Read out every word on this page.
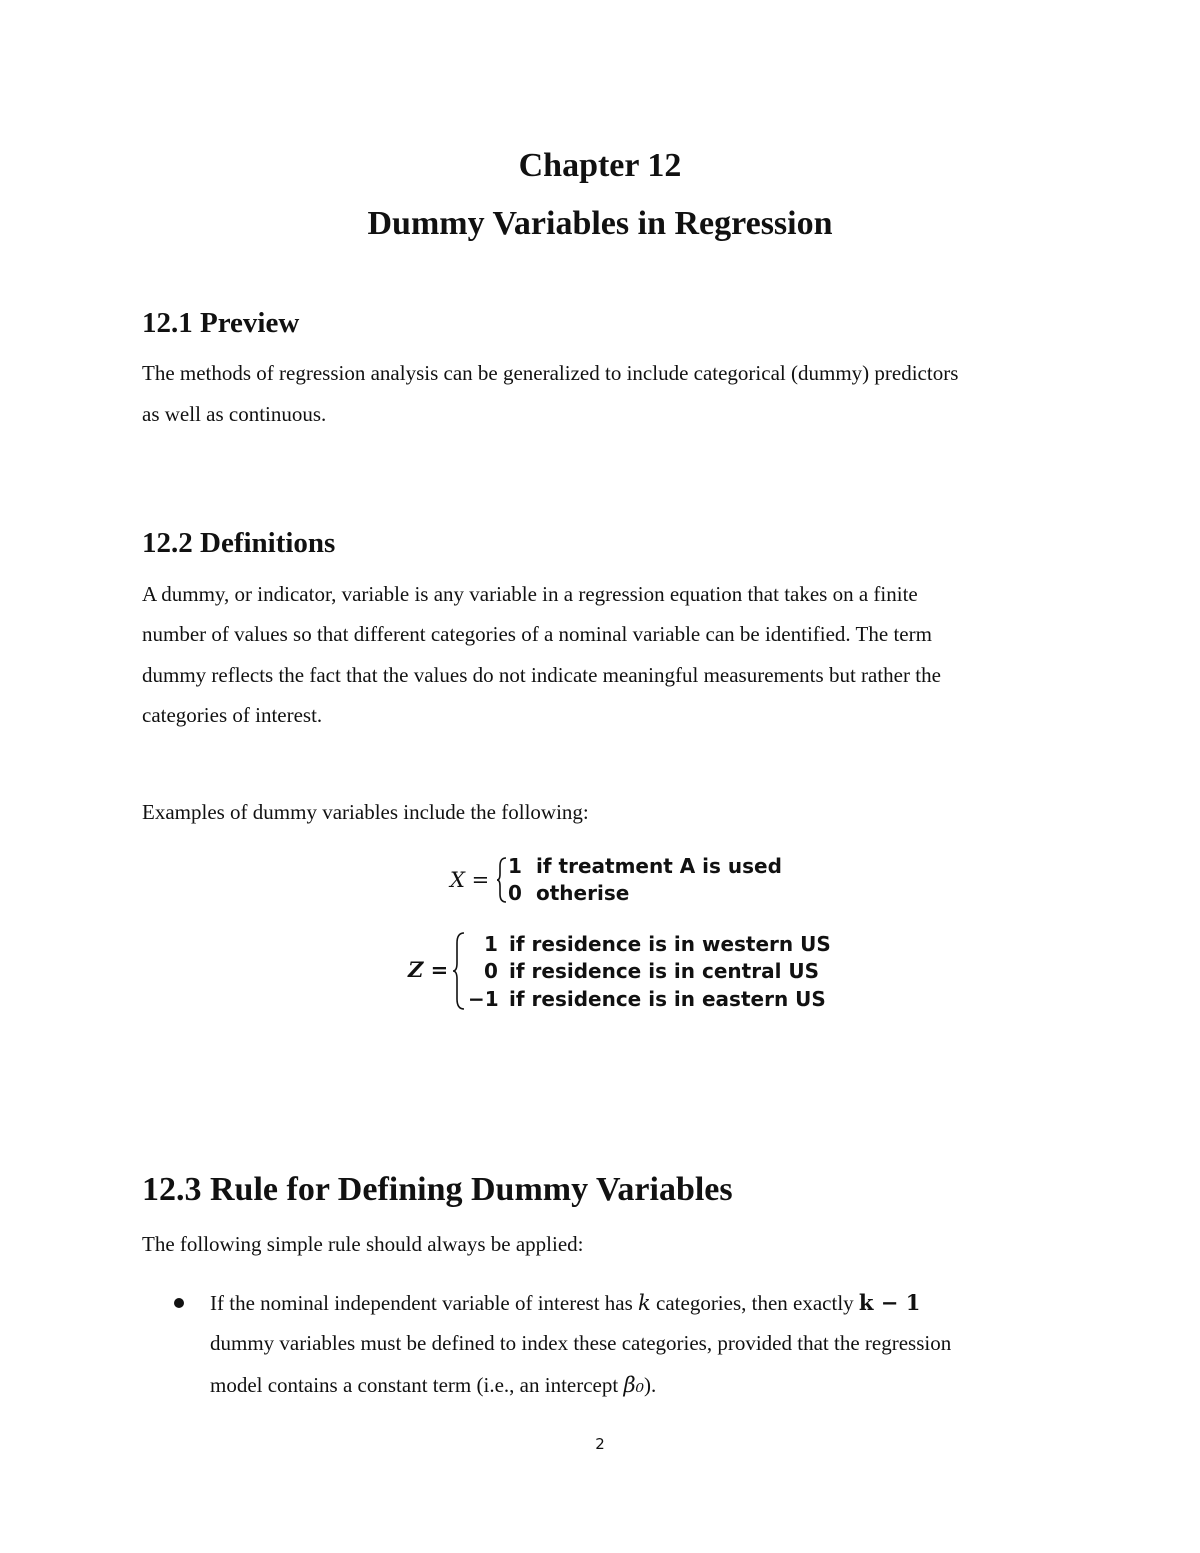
Chapter 12
Dummy Variables in Regression
12.1 Preview

The methods of regression analysis can be generalized to include categorical (dummy) predictors

as well as continuous.

12.2 Definitions

A dummy, or indicator, variable is any variable in a regression equation that takes on a finite

number of values so that different categories of a nominal variable can be identified. The term

dummy reflects the fact that the values do not indicate meaningful measurements but rather the

categories of interest.

Examples of dummy variables include the following:

X =
1 if treatment A is used
0 otherise
Z =
1 if residence is in western US
0 if residence is in central US
−1 if residence is in eastern US
12.3 Rule for Defining Dummy Variables

The following simple rule should always be applied:

If the nominal independent variable of interest has k categories, then exactly k − 1

dummy variables must be defined to index these categories, provided that the regression

model contains a constant term (i.e., an intercept β₀).

2
